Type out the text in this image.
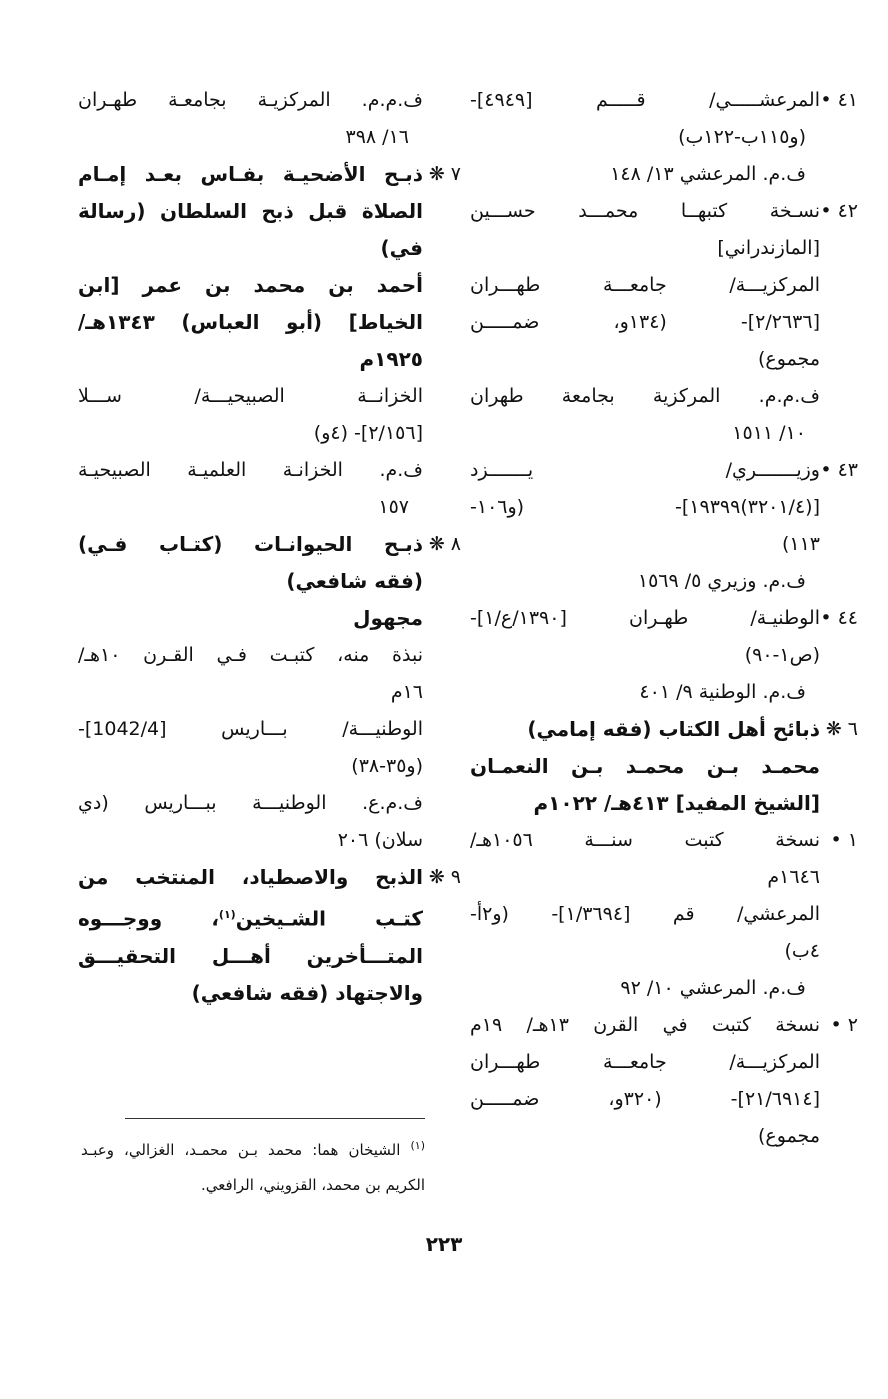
٤١ •
المرعشـــــي/ قـــــم [٤٩٤٩]-
(و١١٥ب-١٢٢ب)
ف.م. المرعشي ١٣/ ١٤٨
٤٢ •
نسـخة كتبهــا محمـــد حســـين
[المازندراني]
المركزيـــة/ جامعـــة طهـــران
[٢/٢٦٣٦]- (١٣٤و، ضمـــــن
مجموع)
ف.م.م. المركزية بجامعة طهران
١٠/ ١٥١١
٤٣ •
وزيـــــــري/ يـــــــزد
[(٣٢٠١/٤)١٩٣٩٩]- (و١٠٦-
١١٣)
ف.م. وزيري ٥/ ١٥٦٩
٤٤ •
الوطنيـة/ طهـران [١٣٩٠/ع/١]-
(ص١-٩٠)
ف.م. الوطنية ٩/ ٤٠١
٦ ❋
ذبائح أهل الكتاب (فقه إمامي)
محمـد بـن محمـد بـن النعمـان
[الشيخ المفيد] ٤١٣هـ/ ١٠٢٢م
١ •
نسخة كتبت سنـــة ١٠٥٦هـ/
١٦٤٦م
المرعشي/ قم [١/٣٦٩٤]- (و٢أ-
٤ب)
ف.م. المرعشي ١٠/ ٩٢
٢ •
نسخة كتبت في القرن ١٣هـ/ ١٩م
المركزيـــة/ جامعـــة طهـــران
[٢١/٦٩١٤]- (٣٢٠و، ضمـــــن
مجموع)
ف.م.م. المركزيـة بجامعـة طهـران
١٦/ ٣٩٨
٧ ❋
ذبـح الأضحيـة بفـاس بعـد إمـام
الصلاة قبل ذبح السلطان (رسالة
في)
أحمد بن محمد بن عمر [ابن
الخياط] (أبو العباس) ١٣٤٣هـ/
١٩٢٥م
الخزانــة الصبيحيـــة/ ســـلا
[٢/١٥٦]- (٤و)
ف.م. الخزانـة العلميـة الصبيحيـة
١٥٧
٨ ❋
ذبـح الحيوانـات (كتـاب فـي)
(فقه شافعي)
مجهول
نبذة منه، كتبـت فـي القـرن ١٠هـ/
١٦م
الوطنيـــة/ بـــاريس [1042/4]-
(و٣٥-٣٨)
ف.م.ع. الوطنيـــة ببـــاريس (دي
سلان) ٢٠٦
٩ ❋
الذبح والاصطياد، المنتخب من
كتـب الشـيخين$^{(١)}$، ووجـــوه
المتـــأخرين أهـــل التحقيـــق
والاجتهاد (فقه شافعي)
$^{(١)}$ الشيخان هما: محمد بـن محمـد، الغزالي، وعبـد
الكريم بن محمد، القزويني، الرافعي.
٢٢٣
